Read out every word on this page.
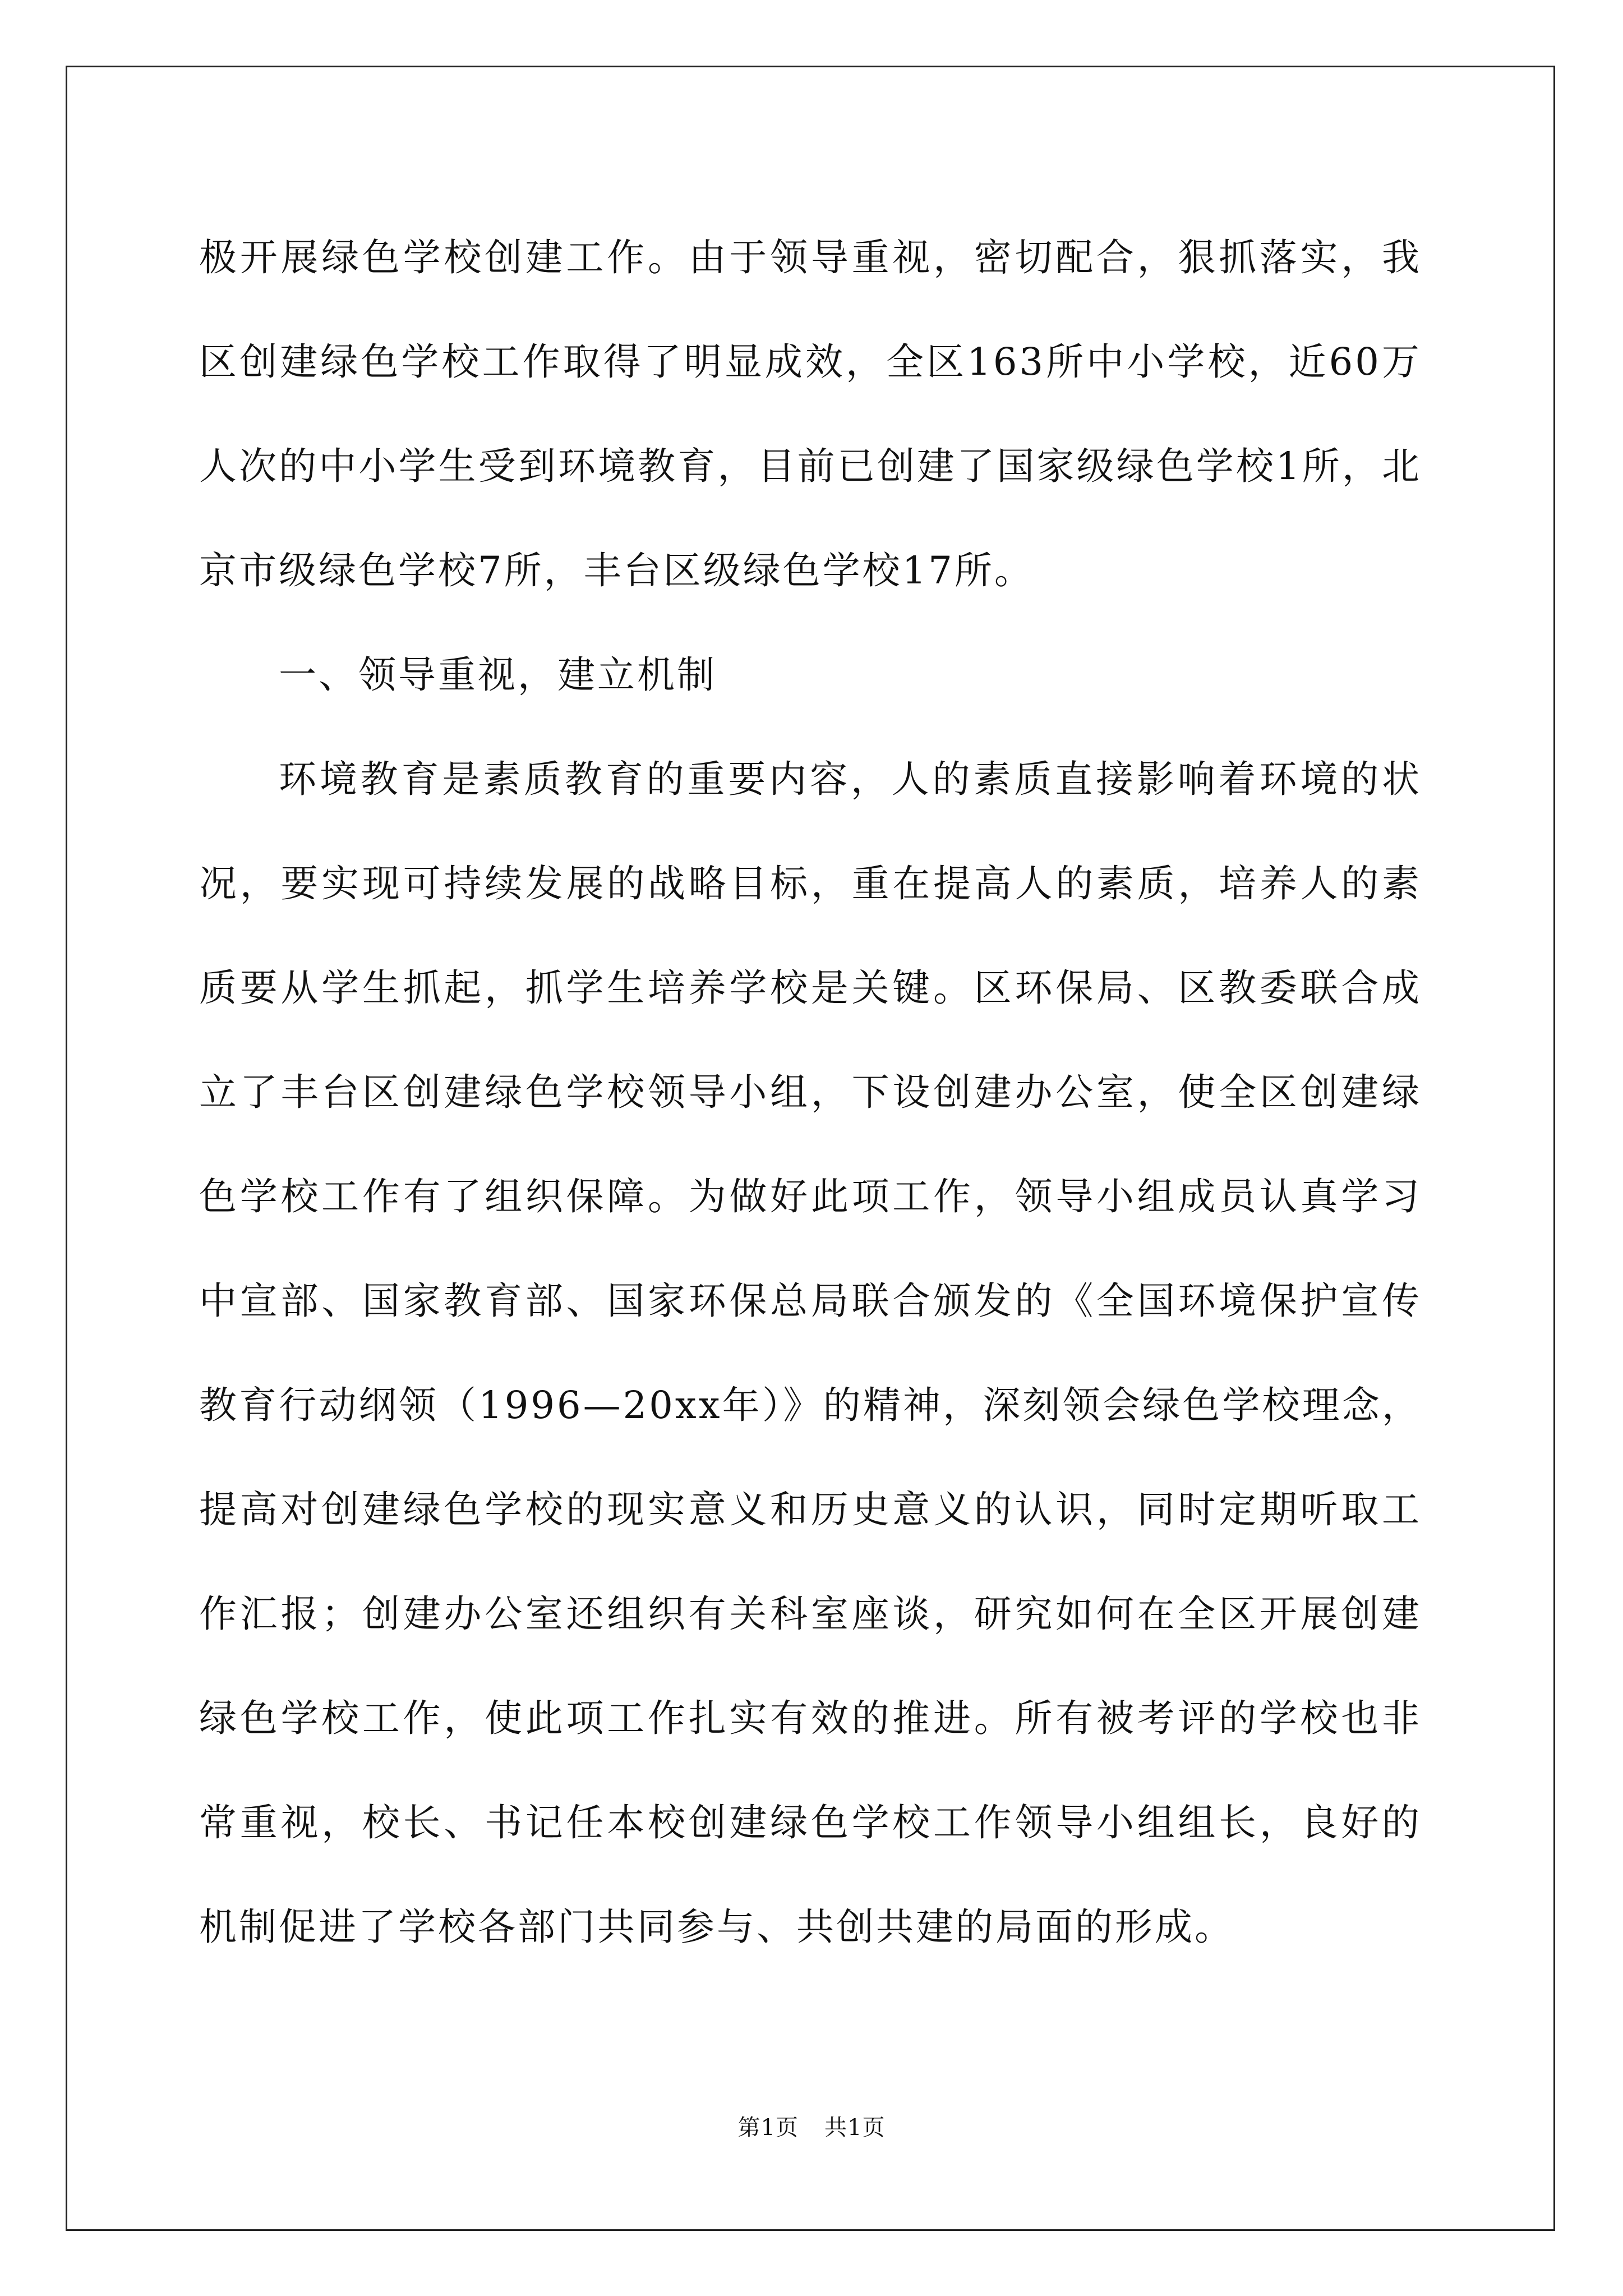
极开展绿色学校创建工作。由于领导重视，密切配合，狠抓落实，我区创建绿色学校工作取得了明显成效，全区163所中小学校，近60万人次的中小学生受到环境教育，目前已创建了国家级绿色学校1所，北京市级绿色学校7所，丰台区级绿色学校17所。

一、领导重视，建立机制

环境教育是素质教育的重要内容，人的素质直接影响着环境的状况，要实现可持续发展的战略目标，重在提高人的素质，培养人的素质要从学生抓起，抓学生培养学校是关键。区环保局、区教委联合成立了丰台区创建绿色学校领导小组，下设创建办公室，使全区创建绿色学校工作有了组织保障。为做好此项工作，领导小组成员认真学习中宣部、国家教育部、国家环保总局联合颁发的《全国环境保护宣传教育行动纲领（1996—20xx年）》的精神，深刻领会绿色学校理念，提高对创建绿色学校的现实意义和历史意义的认识，同时定期听取工作汇报；创建办公室还组织有关科室座谈，研究如何在全区开展创建绿色学校工作，使此项工作扎实有效的推进。所有被考评的学校也非常重视，校长、书记任本校创建绿色学校工作领导小组组长，良好的机制促进了学校各部门共同参与、共创共建的局面的形成。

第1页 共1页
